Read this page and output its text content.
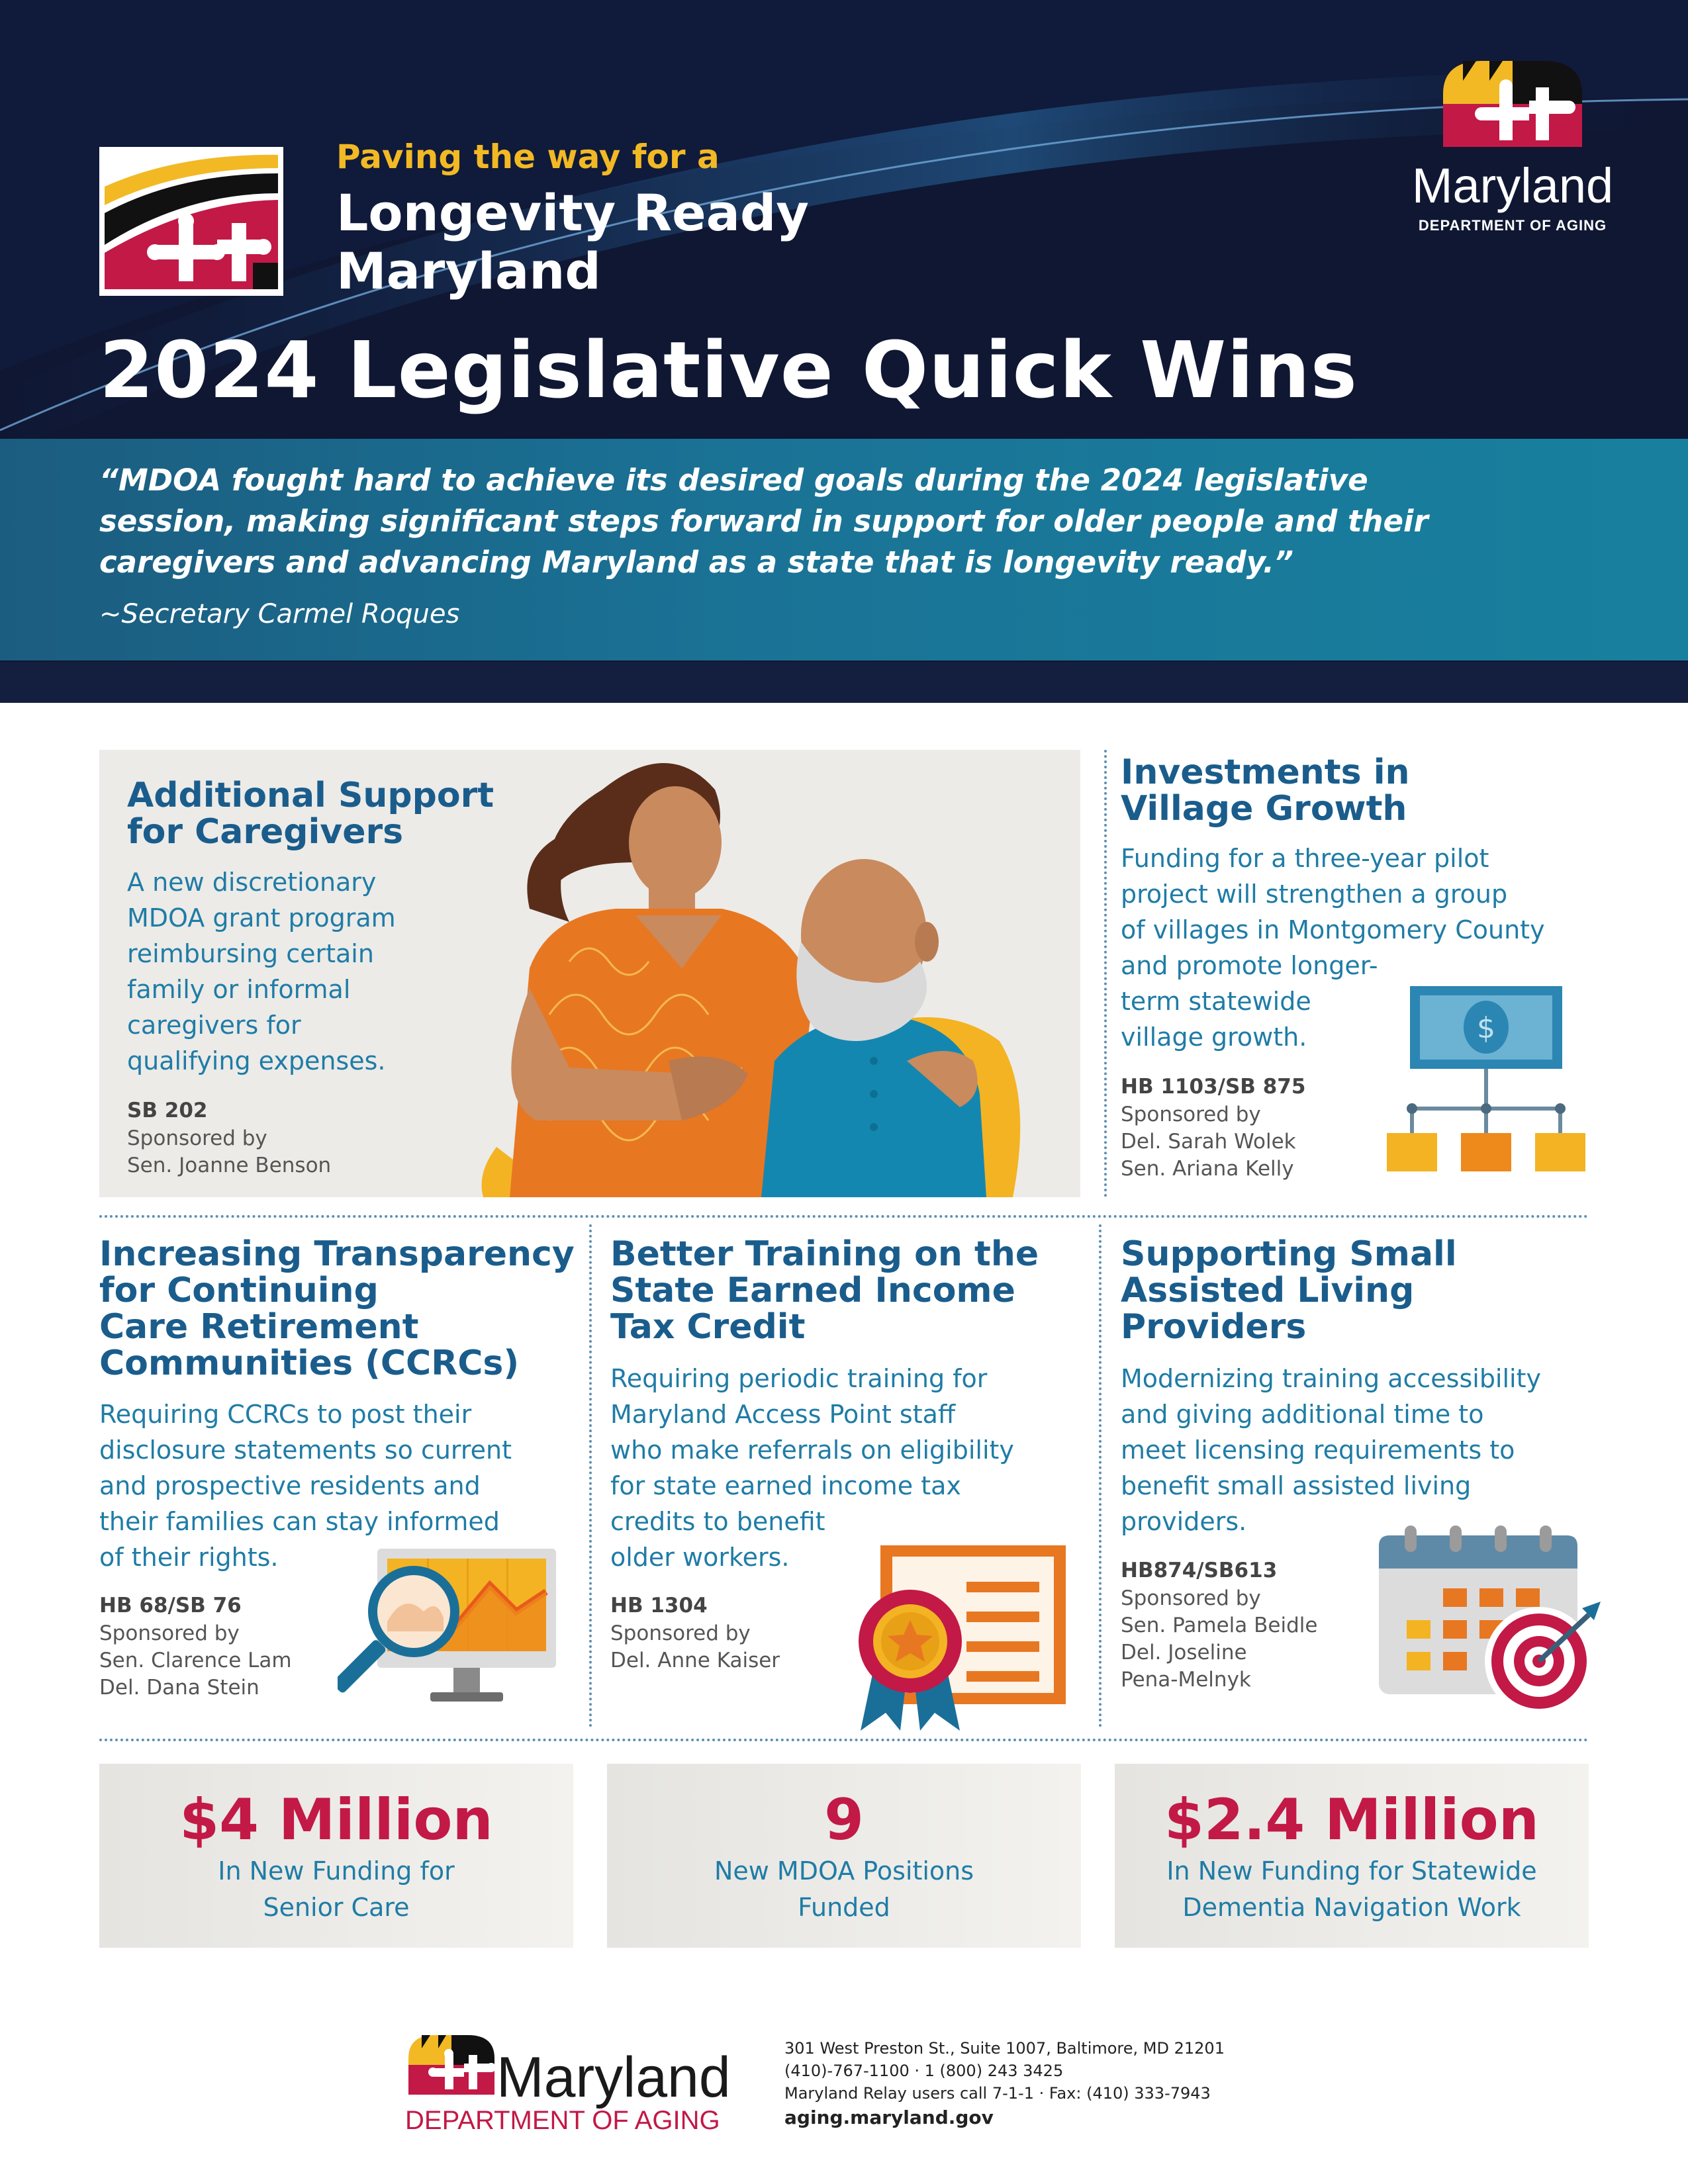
“MDOA fought hard to achieve its desired goals during the 2024 legislative
session, making significant steps forward in support for older people and their
caregivers and advancing Maryland as a state that is longevity ready.”
~Secretary Carmel Roques
Paving the way for a
Longevity Ready
Maryland
2024 Legislative Quick Wins
Maryland
DEPARTMENT OF AGING
Additional Support
for Caregivers
A new discretionary
MDOA grant program
reimbursing certain
family or informal
caregivers for
qualifying expenses.
SB 202
Sponsored by
Sen. Joanne Benson
Investments in
Village Growth
Funding for a three-year pilot
project will strengthen a group
of villages in Montgomery County
and promote longer-
term statewide
village growth.
HB 1103/SB 875
Sponsored by
Del. Sarah Wolek
Sen. Ariana Kelly
$
Increasing Transparency
for Continuing
Care Retirement
Communities (CCRCs)
Requiring CCRCs to post their
disclosure statements so current
and prospective residents and
their families can stay informed
of their rights.
HB 68/SB 76
Sponsored by
Sen. Clarence Lam
Del. Dana Stein
Better Training on the
State Earned Income
Tax Credit
Requiring periodic training for
Maryland Access Point staff
who make referrals on eligibility
for state earned income tax
credits to benefit
older workers.
HB 1304
Sponsored by
Del. Anne Kaiser
Supporting Small
Assisted Living
Providers
Modernizing training accessibility
and giving additional time to
meet licensing requirements to
benefit small assisted living
providers.
HB874/SB613
Sponsored by
Sen. Pamela Beidle
Del. Joseline
Pena-Melnyk
$4 Million
In New Funding for
Senior Care
9
New MDOA Positions
Funded
$2.4 Million
In New Funding for Statewide
Dementia Navigation Work
Maryland
DEPARTMENT OF AGING
301 West Preston St., Suite 1007, Baltimore, MD 21201
(410)-767-1100 · 1 (800) 243 3425
Maryland Relay users call 7-1-1 · Fax: (410) 333-7943
aging.maryland.gov
